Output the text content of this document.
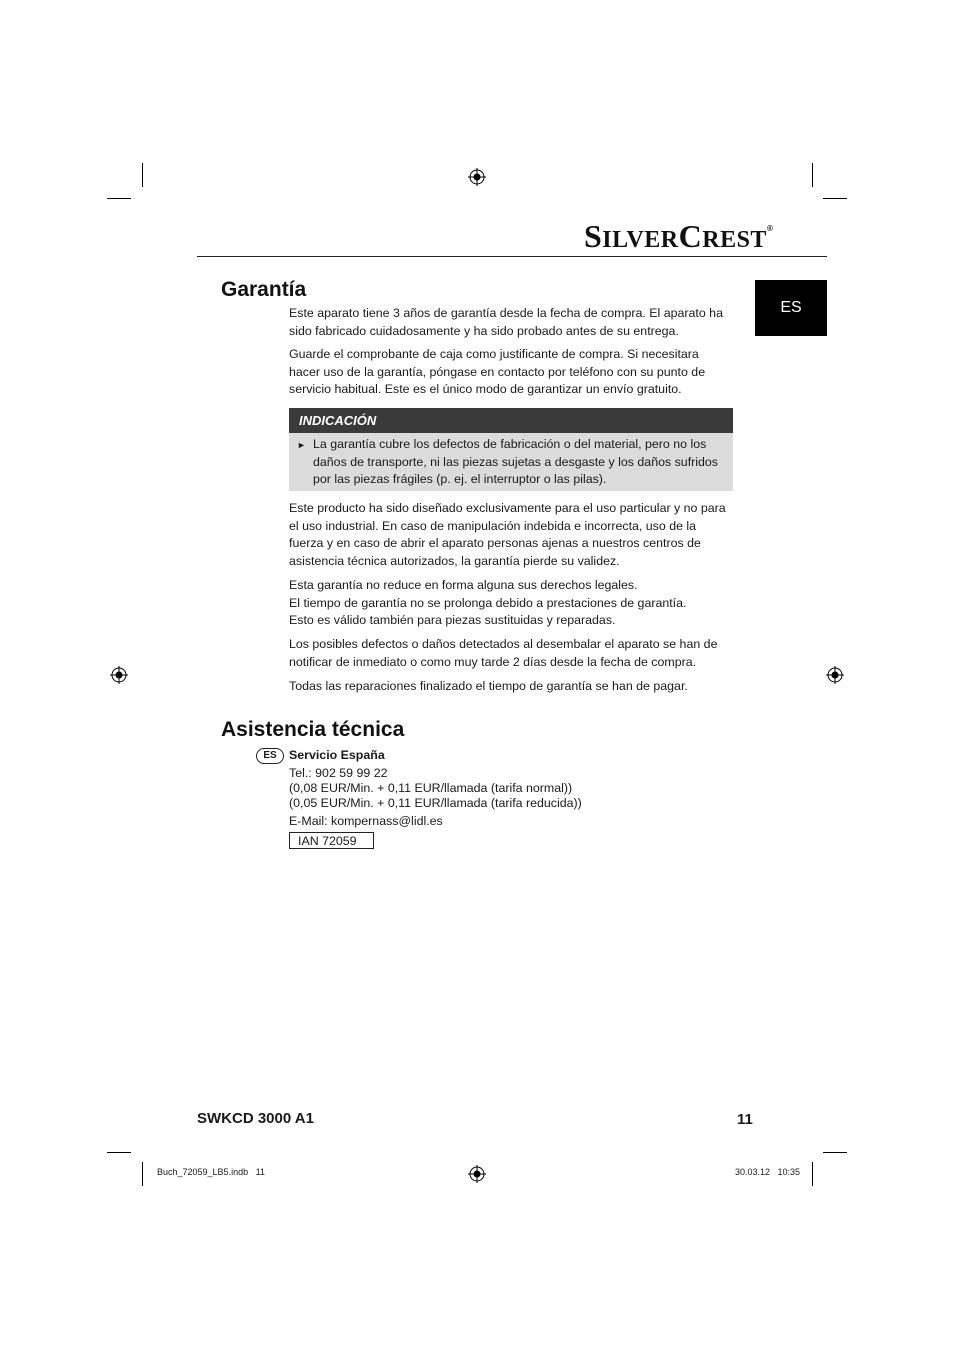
SILVERCREST®
ES
Garantía

Este aparato tiene 3 años de garantía desde la fecha de compra. El aparato ha sido fabricado cuidadosamente y ha sido probado antes de su entrega.

Guarde el comprobante de caja como justificante de compra. Si necesitara hacer uso de la garantía, póngase en contacto por teléfono con su punto de servicio habitual. Este es el único modo de garantizar un envío gratuito.

INDICACIÓN
► La garantía cubre los defectos de fabricación o del material, pero no los daños de transporte, ni las piezas sujetas a desgaste y los daños sufridos por las piezas frágiles (p. ej. el interruptor o las pilas).

Este producto ha sido diseñado exclusivamente para el uso particular y no para el uso industrial. En caso de manipulación indebida e incorrecta, uso de la fuerza y en caso de abrir el aparato personas ajenas a nuestros centros de asistencia técnica autorizados, la garantía pierde su validez.

Esta garantía no reduce en forma alguna sus derechos legales.

El tiempo de garantía no se prolonga debido a prestaciones de garantía.

Esto es válido también para piezas sustituidas y reparadas.

Los posibles defectos o daños detectados al desembalar el aparato se han de notificar de inmediato o como muy tarde 2 días desde la fecha de compra.

Todas las reparaciones finalizado el tiempo de garantía se han de pagar.

Asistencia técnica
ES Servicio España
Tel.: 902 59 99 22
(0,08 EUR/Min. + 0,11 EUR/llamada (tarifa normal))
(0,05 EUR/Min. + 0,11 EUR/llamada (tarifa reducida))
E-Mail: kompernass@lidl.es
IAN 72059
SWKCD 3000 A1	11
Buch_72059_LB5.indb   11	30.03.12   10:35
